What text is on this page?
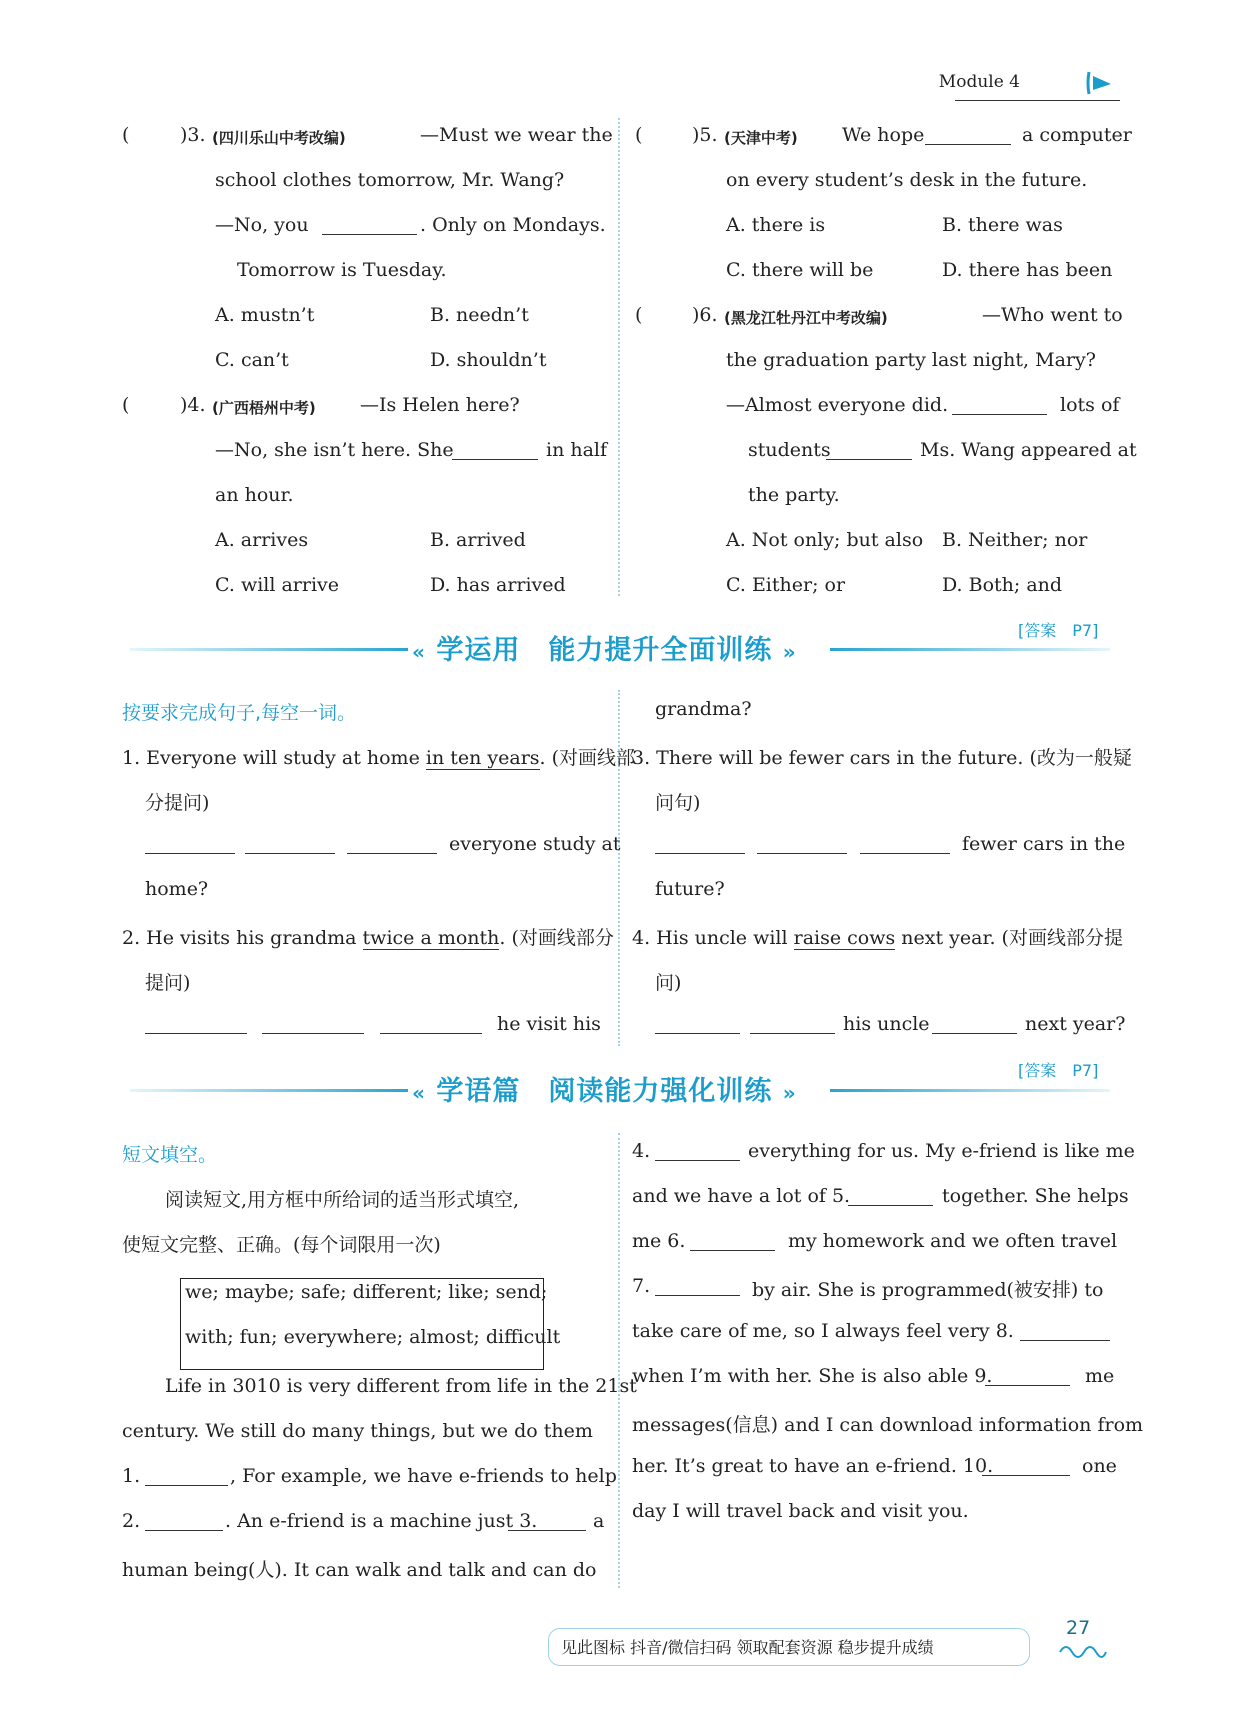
Module 4
(	)3. (四川乐山中考改编)	—Must we wear the
school clothes tomorrow, Mr. Wang?
—No, you	. Only on Mondays.
Tomorrow is Tuesday.
A. mustn’t	B. needn’t
C. can’t	D. shouldn’t
(	)4. (广西梧州中考) —Is Helen here?
—No, she isn’t here. She	in half
an hour.
A. arrives	B. arrived
C. will arrive	D. has arrived
(	)5. (天津中考) We hope	a computer
on every student’s desk in the future.
A. there is	B. there was
C. there will be	D. there has been
(	)6. (黑龙江牡丹江中考改编)	—Who went to
the graduation party last night, Mary?
—Almost everyone did.	lots of
students	Ms. Wang appeared at
the party.
A. Not only; but also B. Neither; nor
C. Either; or	D. Both; and
« 学运用　能力提升全面训练 »
[答案　P7]
按要求完成句子,每空一词。
1. Everyone will study at home in ten years. (对画线部
分提问)
everyone study at
home?
2. He visits his grandma twice a month. (对画线部分
提问)
he visit his
grandma?
3. There will be fewer cars in the future. (改为一般疑
问句)
fewer cars in the
future?
4. His uncle will raise cows next year. (对画线部分提
问)
his uncle	next year?
« 学语篇　阅读能力强化训练 »
[答案　P7]
短文填空。
阅读短文,用方框中所给词的适当形式填空,
使短文完整、正确。(每个词限用一次)
we; maybe; safe; different; like; send;
with; fun; everywhere; almost; difficult
Life in 3010 is very different from life in the 21st
century. We still do many things, but we do them
1.	, For example, we have e-friends to help
2.	. An e-friend is a machine just 3.	a
human being(人). It can walk and talk and can do
4.	everything for us. My e-friend is like me
and we have a lot of 5.	together. She helps
me 6.	my homework and we often travel
7.	by air. She is programmed(被安排) to
take care of me, so I always feel very 8.
when I’m with her. She is also able 9.	me
messages(信息) and I can download information from
her. It’s great to have an e-friend. 10.	one
day I will travel back and visit you.
见此图标 抖音/微信扫码 领取配套资源 稳步提升成绩
27
